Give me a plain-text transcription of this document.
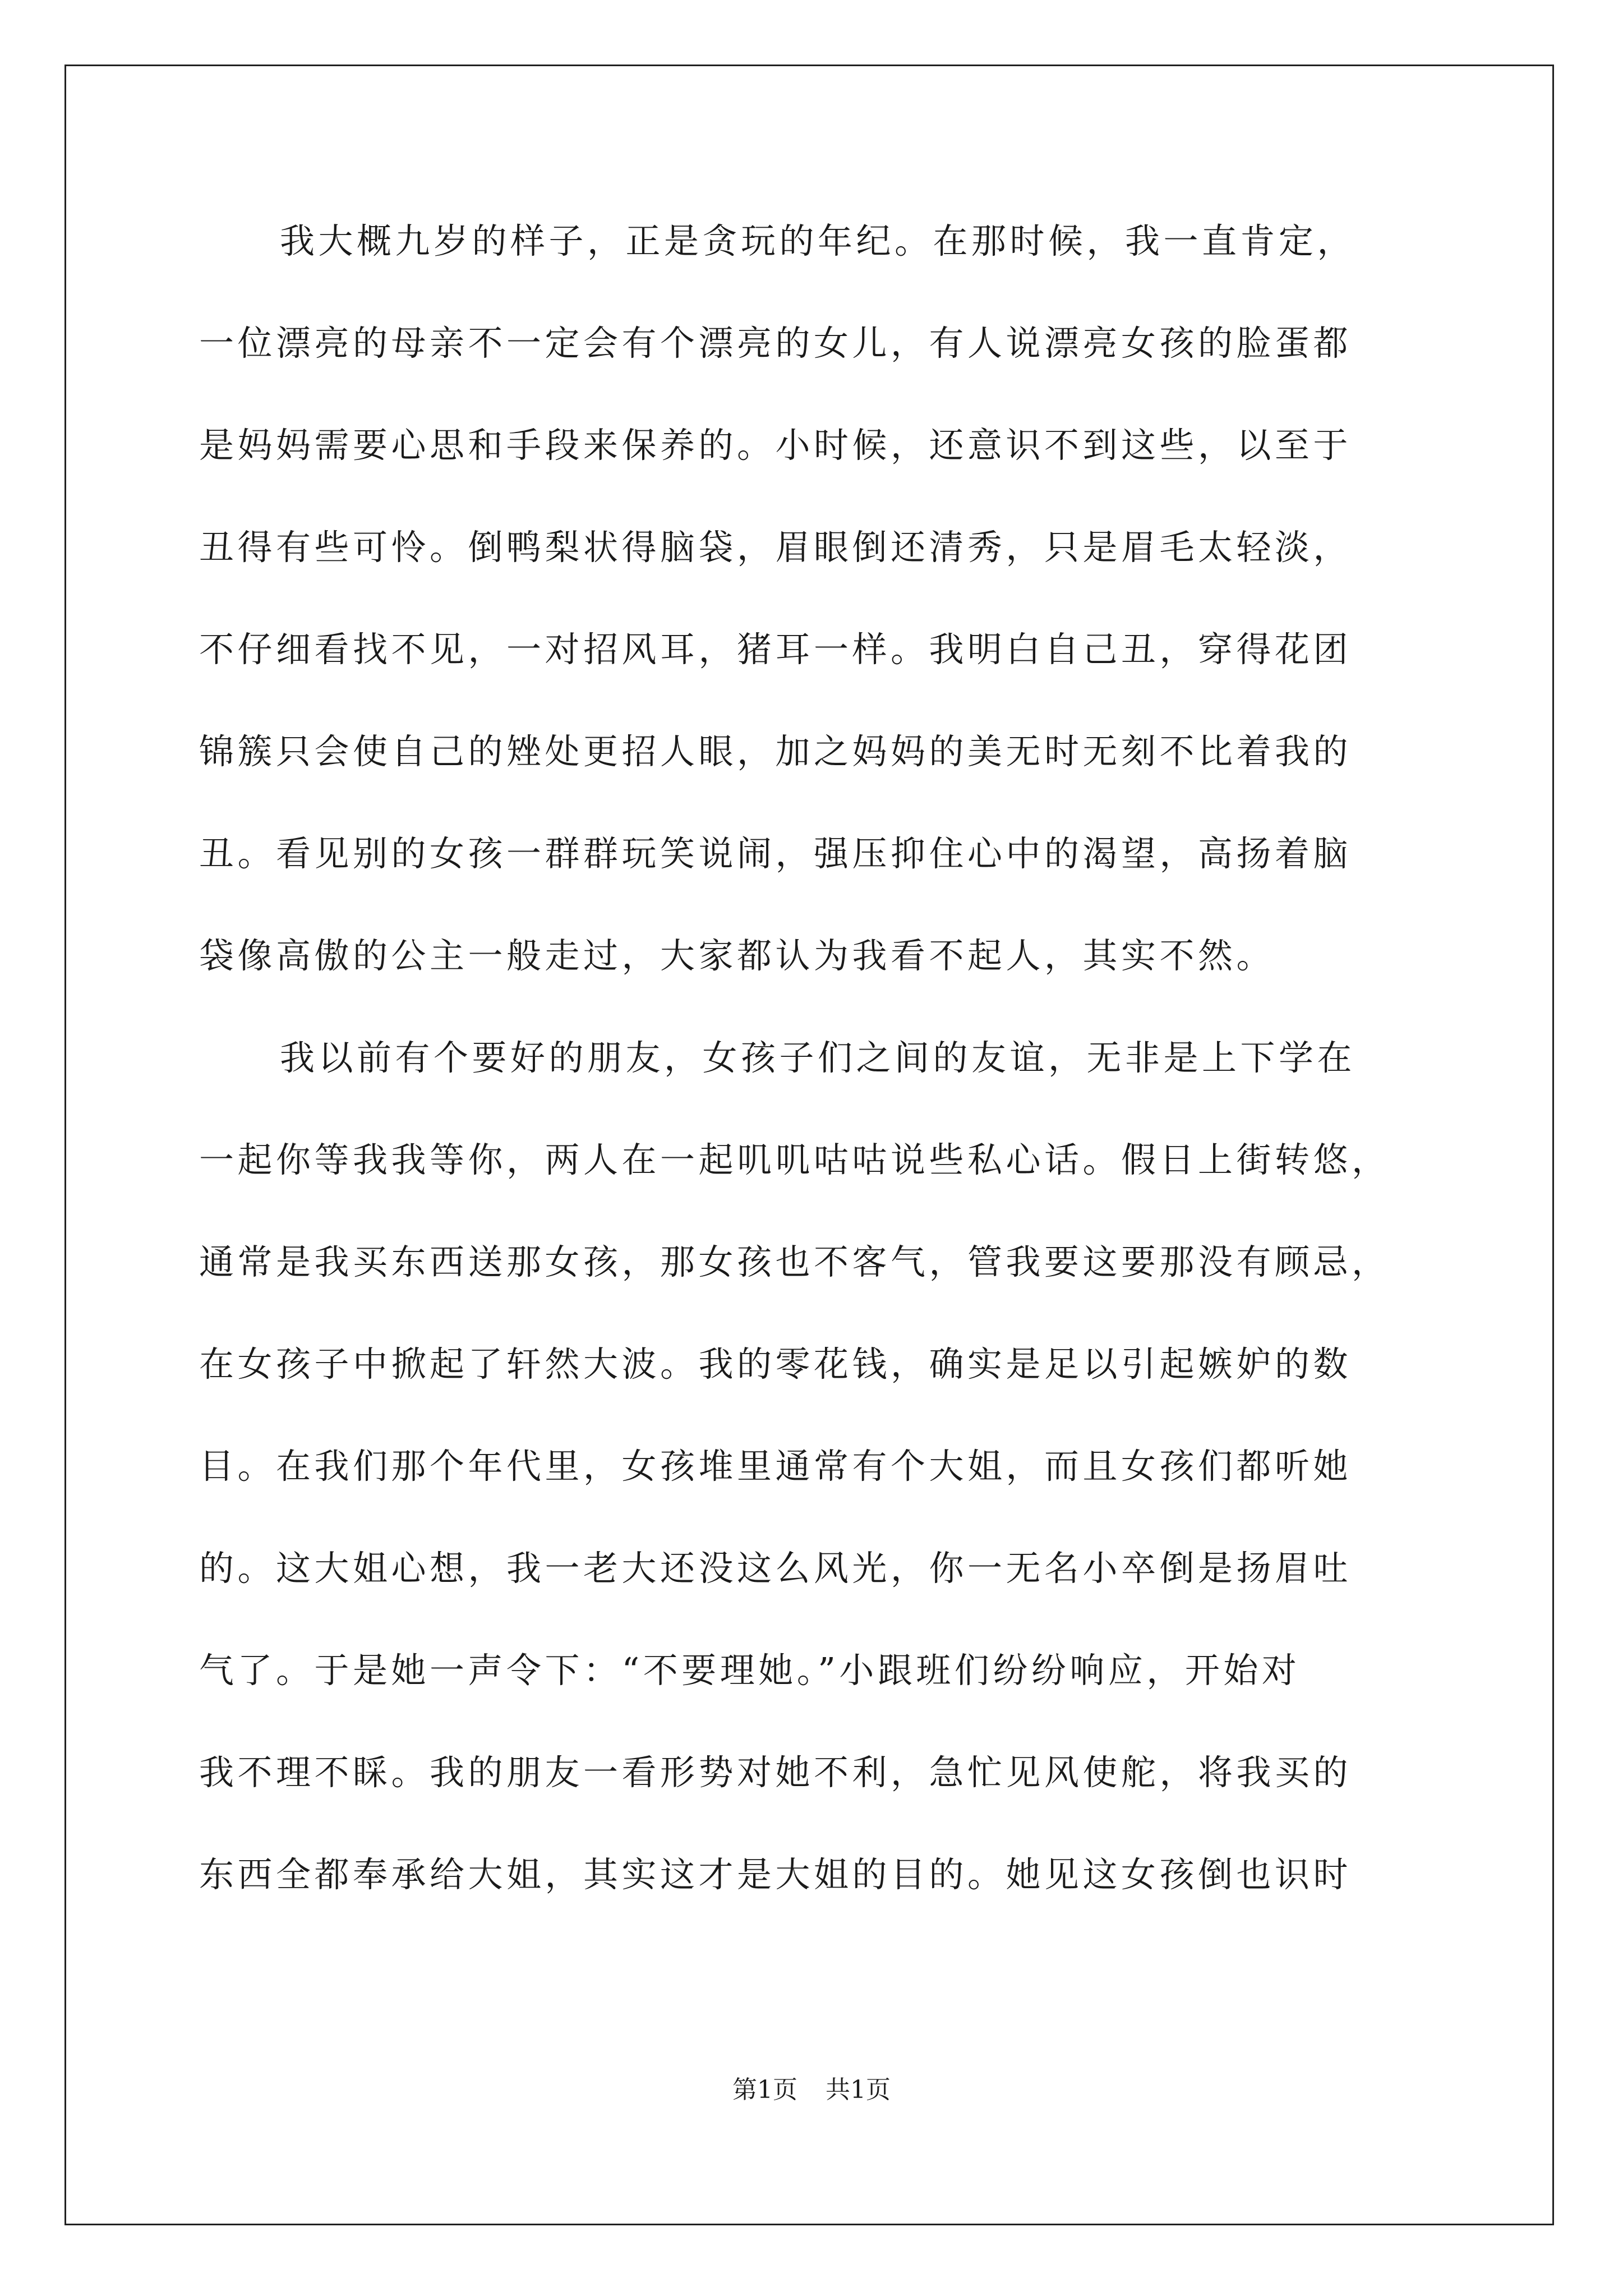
我大概九岁的样子，正是贪玩的年纪。在那时候，我一直肯定，
一位漂亮的母亲不一定会有个漂亮的女儿，有人说漂亮女孩的脸蛋都
是妈妈需要心思和手段来保养的。小时候，还意识不到这些，以至于
丑得有些可怜。倒鸭梨状得脑袋，眉眼倒还清秀，只是眉毛太轻淡，
不仔细看找不见，一对招风耳，猪耳一样。我明白自己丑，穿得花团
锦簇只会使自己的矬处更招人眼，加之妈妈的美无时无刻不比着我的
丑。看见别的女孩一群群玩笑说闹，强压抑住心中的渴望，高扬着脑
袋像高傲的公主一般走过，大家都认为我看不起人，其实不然。
我以前有个要好的朋友，女孩子们之间的友谊，无非是上下学在
一起你等我我等你，两人在一起叽叽咕咕说些私心话。假日上街转悠，
通常是我买东西送那女孩，那女孩也不客气，管我要这要那没有顾忌，
在女孩子中掀起了轩然大波。我的零花钱，确实是足以引起嫉妒的数
目。在我们那个年代里，女孩堆里通常有个大姐，而且女孩们都听她
的。这大姐心想，我一老大还没这么风光，你一无名小卒倒是扬眉吐
气了。于是她一声令下：“不要理她。”小跟班们纷纷响应，开始对
我不理不睬。我的朋友一看形势对她不利，急忙见风使舵，将我买的
东西全都奉承给大姐，其实这才是大姐的目的。她见这女孩倒也识时
第1页 共1页
